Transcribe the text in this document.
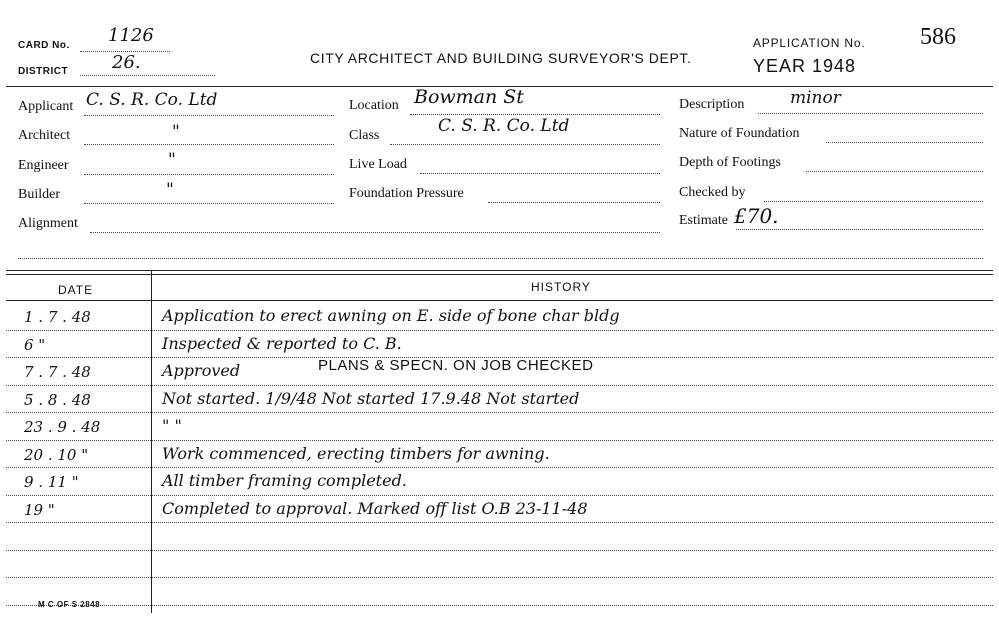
CARD No. 1126
DISTRICT 26.	CITY ARCHITECT AND BUILDING SURVEYOR'S DEPT.
APPLICATION No. 586
YEAR 1948
Applicant C. S. R. Co. Ltd
Architect	"
Engineer	"
Builder	"
Alignment
Location Bowman St
Class	C. S. R. Co. Ltd
Live Load
Foundation Pressure
Description	minor
Nature of Foundation
Depth of Footings
Checked by
Estimate £70.
DATE	HISTORY
1 . 7 . 48	Application to erect awning on E. side of bone char bldg
6 "	Inspected & reported to C. B.
7 . 7 . 48	Approved	PLANS & SPECN. ON JOB CHECKED
5 . 8 . 48	Not started. 1/9/48 Not started 17.9.48 Not started
23 . 9 . 48	" "
20 . 10 "	Work commenced, erecting timbers for awning.
9 . 11 "	All timber framing completed.
19 "	Completed to approval. Marked off list O.B 23-11-48
M C OF S 2848
